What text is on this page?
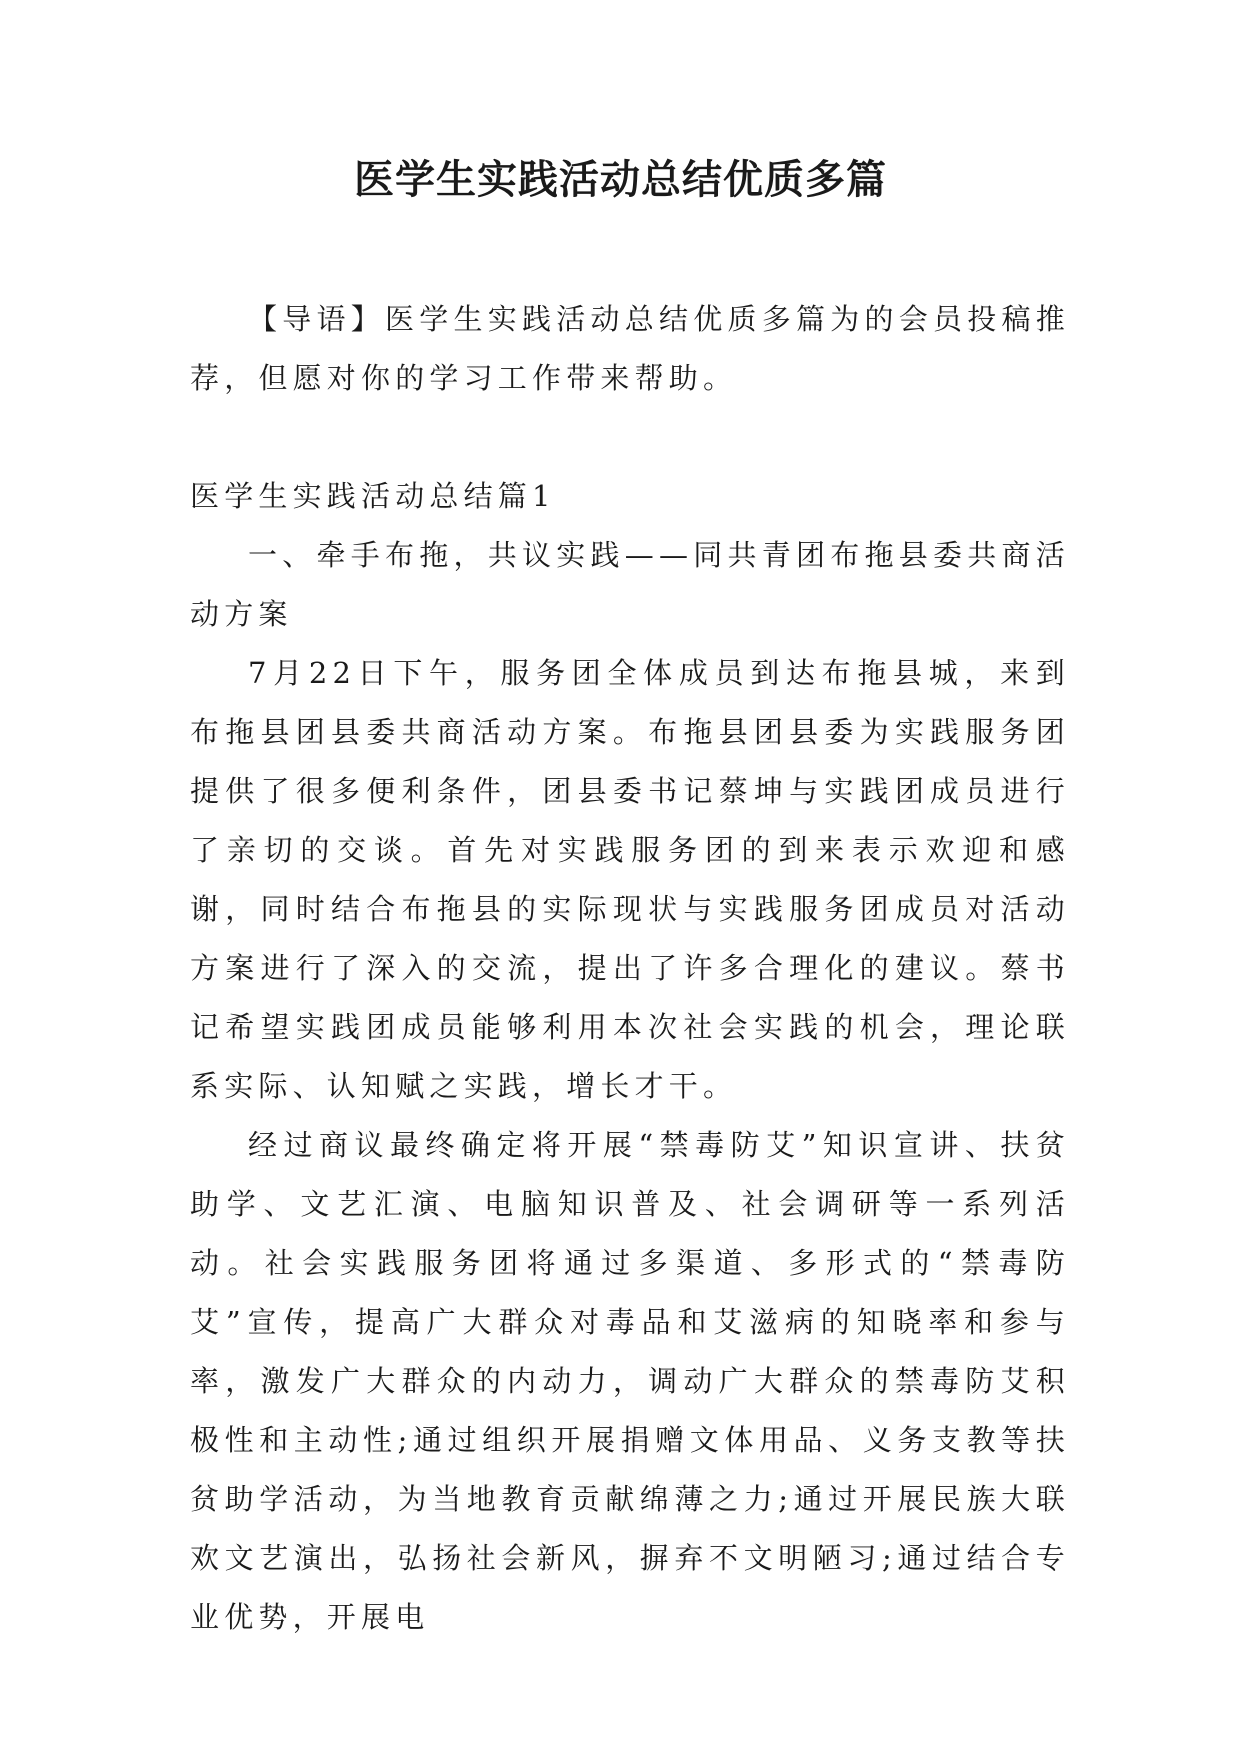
医学生实践活动总结优质多篇

【导语】医学生实践活动总结优质多篇为的会员投稿推荐，但愿对你的学习工作带来帮助。

医学生实践活动总结篇1

一、牵手布拖，共议实践——同共青团布拖县委共商活动方案

7月22日下午，服务团全体成员到达布拖县城，来到布拖县团县委共商活动方案。布拖县团县委为实践服务团提供了很多便利条件，团县委书记蔡坤与实践团成员进行了亲切的交谈。首先对实践服务团的到来表示欢迎和感谢，同时结合布拖县的实际现状与实践服务团成员对活动方案进行了深入的交流，提出了许多合理化的建议。蔡书记希望实践团成员能够利用本次社会实践的机会，理论联系实际、认知赋之实践，增长才干。

经过商议最终确定将开展“禁毒防艾”知识宣讲、扶贫助学、文艺汇演、电脑知识普及、社会调研等一系列活动。社会实践服务团将通过多渠道、多形式的“禁毒防艾”宣传，提高广大群众对毒品和艾滋病的知晓率和参与率，激发广大群众的内动力，调动广大群众的禁毒防艾积极性和主动性;通过组织开展捐赠文体用品、义务支教等扶贫助学活动，为当地教育贡献绵薄之力;通过开展民族大联欢文艺演出，弘扬社会新风，摒弃不文明陋习;通过结合专业优势，开展电
